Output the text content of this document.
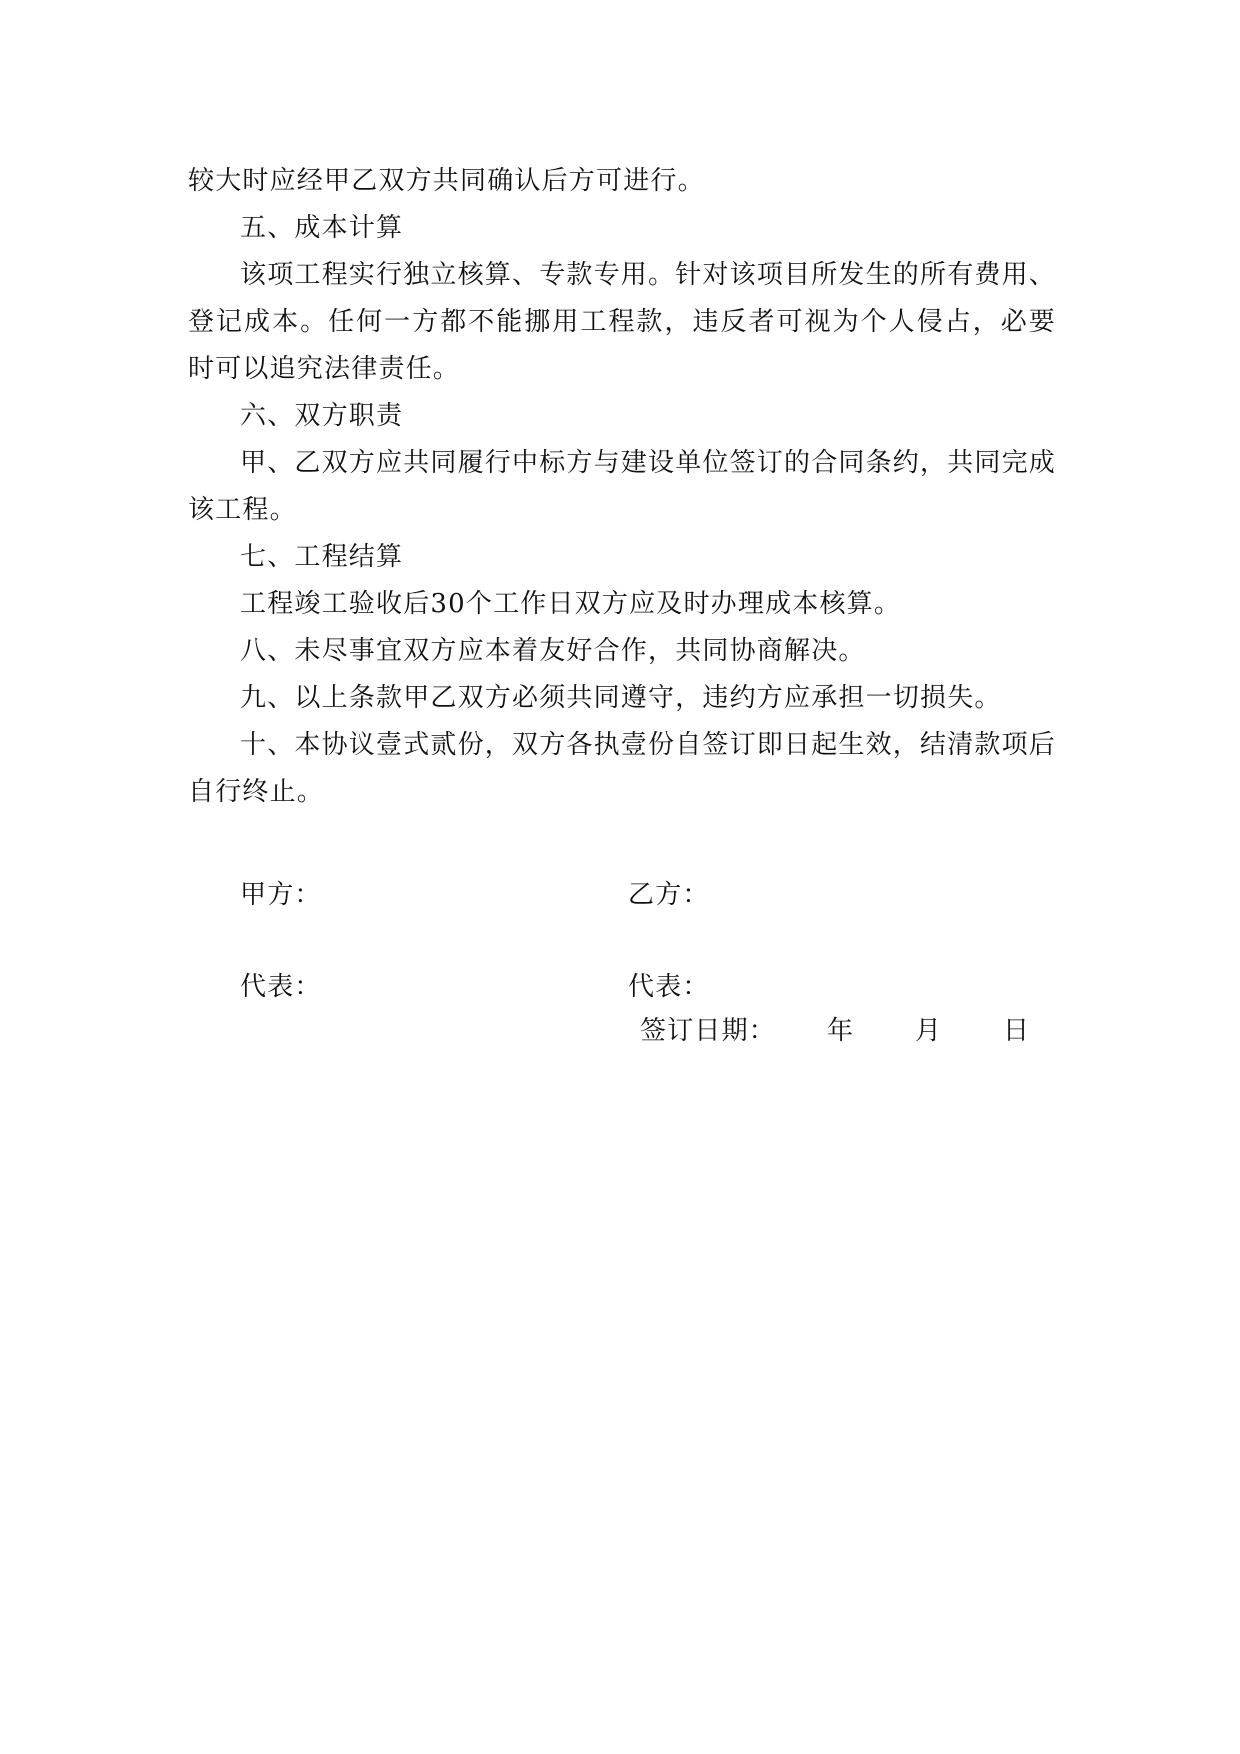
较大时应经甲乙双方共同确认后方可进行。

五、成本计算

该项工程实行独立核算、专款专用。针对该项目所发生的所有费用、登记成本。任何一方都不能挪用工程款，违反者可视为个人侵占，必要时可以追究法律责任。

六、双方职责

甲、乙双方应共同履行中标方与建设单位签订的合同条约，共同完成该工程。

七、工程结算

工程竣工验收后30个工作日双方应及时办理成本核算。

八、未尽事宜双方应本着友好合作，共同协商解决。

九、以上条款甲乙双方必须共同遵守，违约方应承担一切损失。

十、本协议壹式贰份，双方各执壹份自签订即日起生效，结清款项后自行终止。

甲方：	乙方：
代表：	代表：
签订日期： 年 月 日
